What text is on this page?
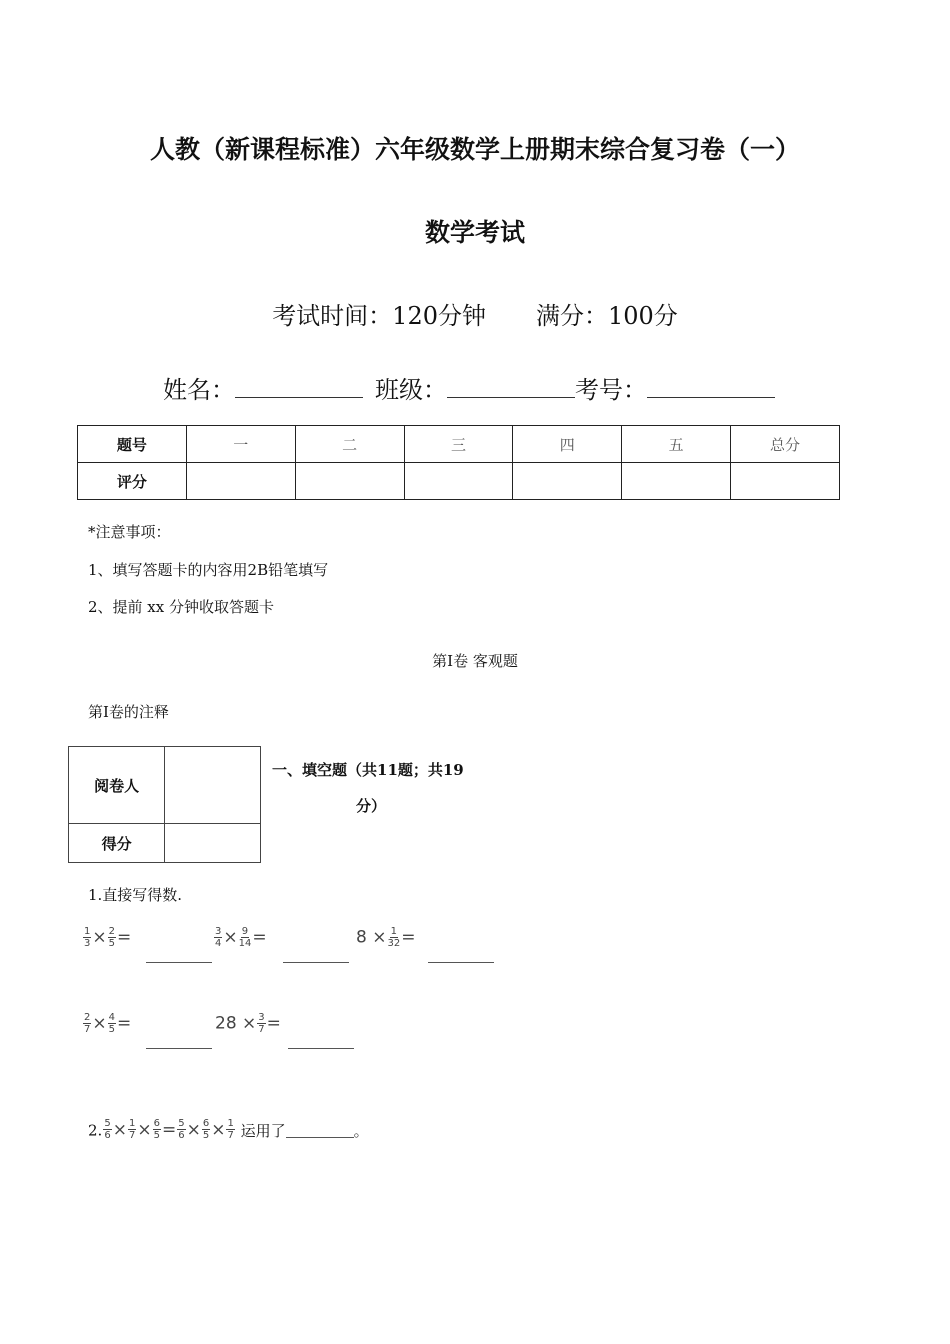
人教（新课程标准）六年级数学上册期末综合复习卷（一）
数学考试
考试时间：120分钟 满分：100分
姓名：	班级：	考号：
题号	一	二	三	四	五	总分
评分						
*注意事项：
1、填写答题卡的内容用2B铅笔填写
2、提前 xx 分钟收取答题卡
第Ⅰ卷 客观题
第Ⅰ卷的注释
阅卷人	
得分	
一、填空题（共11题；共19
分）
1.直接写得数.
$\frac{1}{3} \times \frac{2}{5}$ =	$\frac{3}{4} \times \frac{9}{14}$ =	$8 \times \frac{1}{32}$ =
$\frac{2}{7} \times \frac{4}{5}$ =	$28 \times \frac{3}{7}$ =
2. $\frac{5}{6} \times \frac{1}{7} \times \frac{6}{5} = \frac{5}{6} \times \frac{6}{5} \times \frac{1}{7}$ 运用了	。
